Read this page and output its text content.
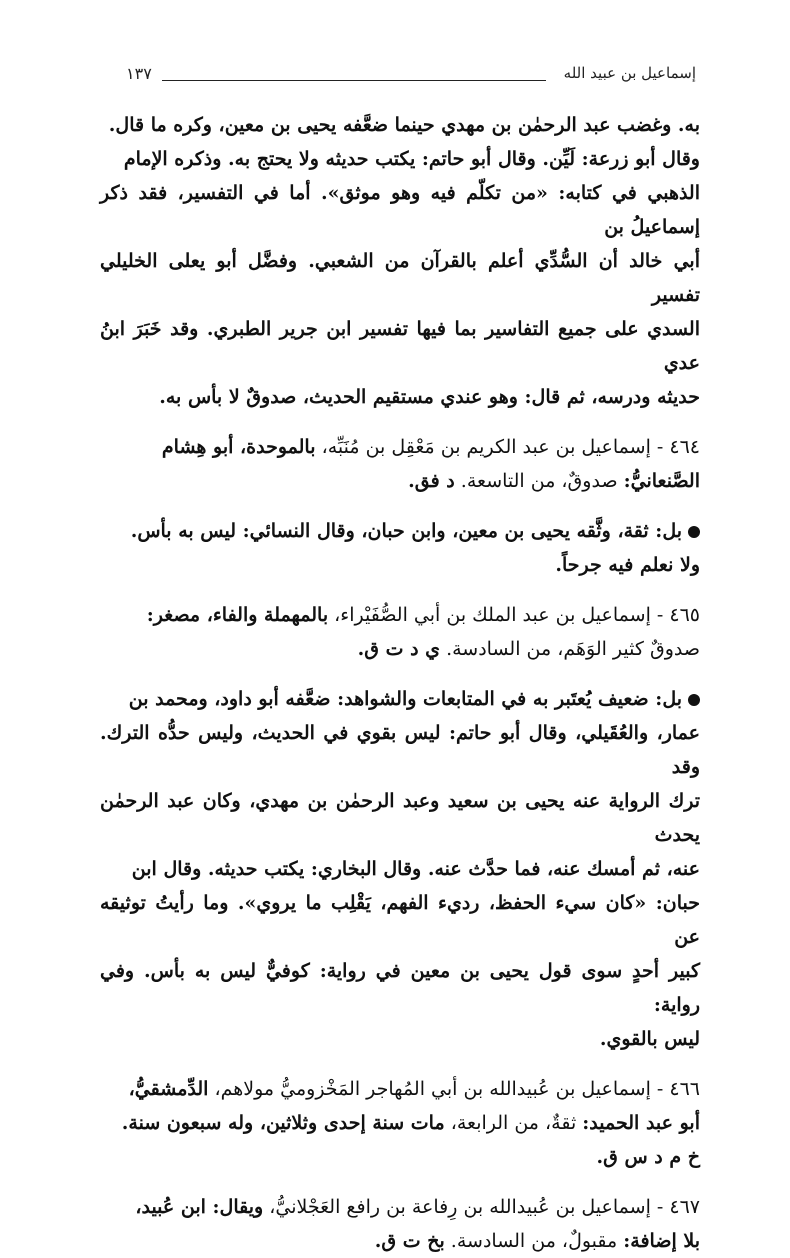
١٣٧	إسماعيل بن عبيد الله

به. وغضب عبد الرحمٰن بن مهدي حينما ضعَّفه يحيى بن معين، وكره ما قال.

وقال أبو زرعة: لَيِّن. وقال أبو حاتم: يكتب حديثه ولا يحتج به. وذكره الإمام

الذهبي في كتابه: «من تكلّم فيه وهو موثق». أما في التفسير، فقد ذكر إسماعيلُ بن

أبي خالد أن السُّدِّي أعلم بالقرآن من الشعبي. وفضَّل أبو يعلى الخليلي تفسير

السدي على جميع التفاسير بما فيها تفسير ابن جرير الطبري. وقد خَبَرَ ابنُ عدي

حديثه ودرسه، ثم قال: وهو عندي مستقيم الحديث، صدوقٌ لا بأس به.

٤٦٤ - إسماعيل بن عبد الكريم بن مَعْقِل بن مُنَبِّه، بالموحدة، أبو هِشام

الصَّنعانيُّ: صدوقٌ، من التاسعة. د فق.

بل: ثقة، وثَّقه يحيى بن معين، وابن حبان، وقال النسائي: ليس به بأس.

ولا نعلم فيه جرحاً.

٤٦٥ - إسماعيل بن عبد الملك بن أبي الصُّفَيْراء، بالمهملة والفاء، مصغر:

صدوقٌ كثير الوَهَم، من السادسة. ي د ت ق.

بل: ضعيف يُعتَبر به في المتابعات والشواهد: ضعَّفه أبو داود، ومحمد بن

عمار، والعُقَيلي، وقال أبو حاتم: ليس بقوي في الحديث، وليس حدُّه الترك. وقد

ترك الرواية عنه يحيى بن سعيد وعبد الرحمٰن بن مهدي، وكان عبد الرحمٰن يحدث

عنه، ثم أمسك عنه، فما حدَّث عنه. وقال البخاري: يكتب حديثه. وقال ابن

حبان: «كان سيء الحفظ، رديء الفهم، يَقْلِب ما يروي». وما رأيتُ توثيقه عن

كبير أحدٍ سوى قول يحيى بن معين في رواية: كوفيٌّ ليس به بأس. وفي رواية:

ليس بالقوي.

٤٦٦ - إسماعيل بن عُبيدالله بن أبي المُهاجر المَخْزوميُّ مولاهم، الدِّمشقيُّ،

أبو عبد الحميد: ثقةٌ، من الرابعة، مات سنة إحدى وثلاثين، وله سبعون سنة.

خ م د س ق.

٤٦٧ - إسماعيل بن عُبيدالله بن رِفاعة بن رافع العَجْلانيُّ، ويقال: ابن عُبيد،

بلا إضافة: مقبولٌ، من السادسة. بخ ت ق.
